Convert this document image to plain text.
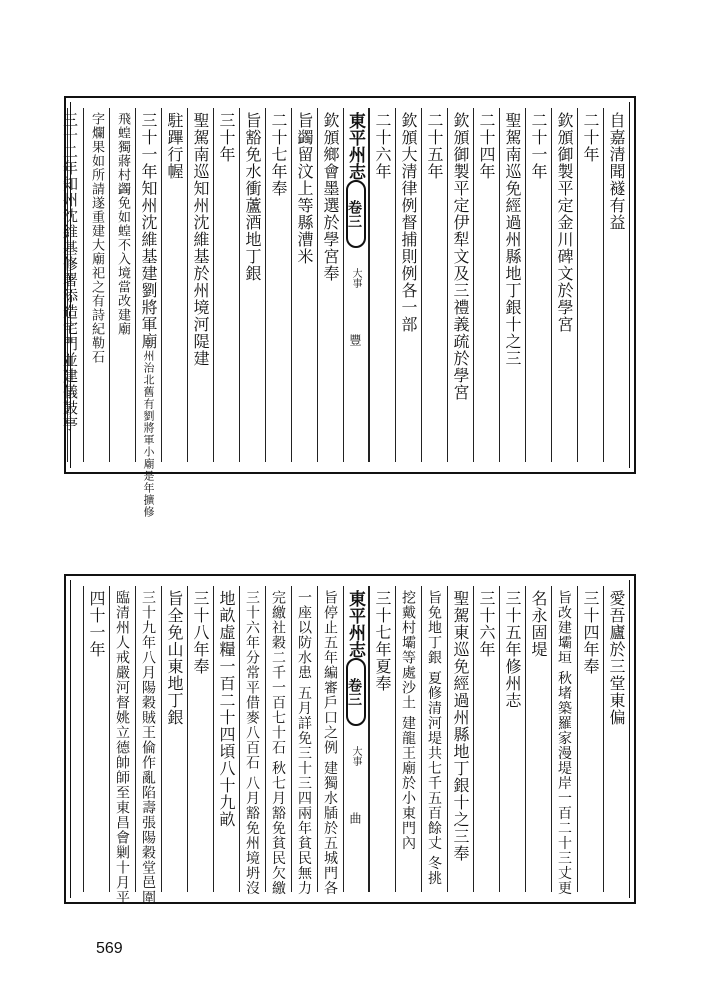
自嘉清聞襚有益
二十年
欽頒御製平定金川碑文於學宮
二十一年
聖駕南巡免經過州縣地丁銀十之三
二十四年
欽頒御製平定伊犁文及三禮義疏於學宮
二十五年
欽頒大清律例督捕則例各一部
二十六年
東平州志
卷三
大事
豐
欽頒鄉會墨選於學宮奉
旨蠲留汶上等縣漕米
二十七年奉
旨豁免水衝蘆酒地丁銀
三十年
聖駕南巡知州沈維基於州境河隄建
駐蹕行幄
三十一年知州沈維基建劉將軍廟州治北舊有劉將軍小廟是年擴修
飛蝗獨蔣村蠲免如蝗不入境當改建廟
字爛果如所請遂重建大廟祀之有詩紀勒石
三十二年知州沈維基修署添造宅門並建儀鼓亭
愛吾廬於三堂東偏
三十四年奉
旨改建壩垣 秋堵築羅家漫堤岸一百二十三丈更
名永固堤
三十五年修州志
三十六年
聖駕東巡免經過州縣地丁銀十之三奉
旨免地丁銀 夏修清河堤共七千五百餘丈 冬挑
挖戴村壩等處沙土 建龍王廟於小東門內
三十七年夏奉
東平州志
卷三
大事
曲
旨停止五年編審戶口之例 建獨水牐於五城門各
一座以防水患 五月詳免三十三四兩年貧民無力
完繳社穀二千一百七十石 秋七月豁免貧民欠繳
三十六年分常平借麥八百石 八月豁免州境坍沒
地畝虛糧一百二十四頃八十九畝
三十八年奉
旨全免山東地丁銀
三十九年八月陽穀賊王倫作亂陷壽張陽穀堂邑圍
臨清州人戒嚴河督姚立德帥師至東昌會剿十月平
四十一年
569
